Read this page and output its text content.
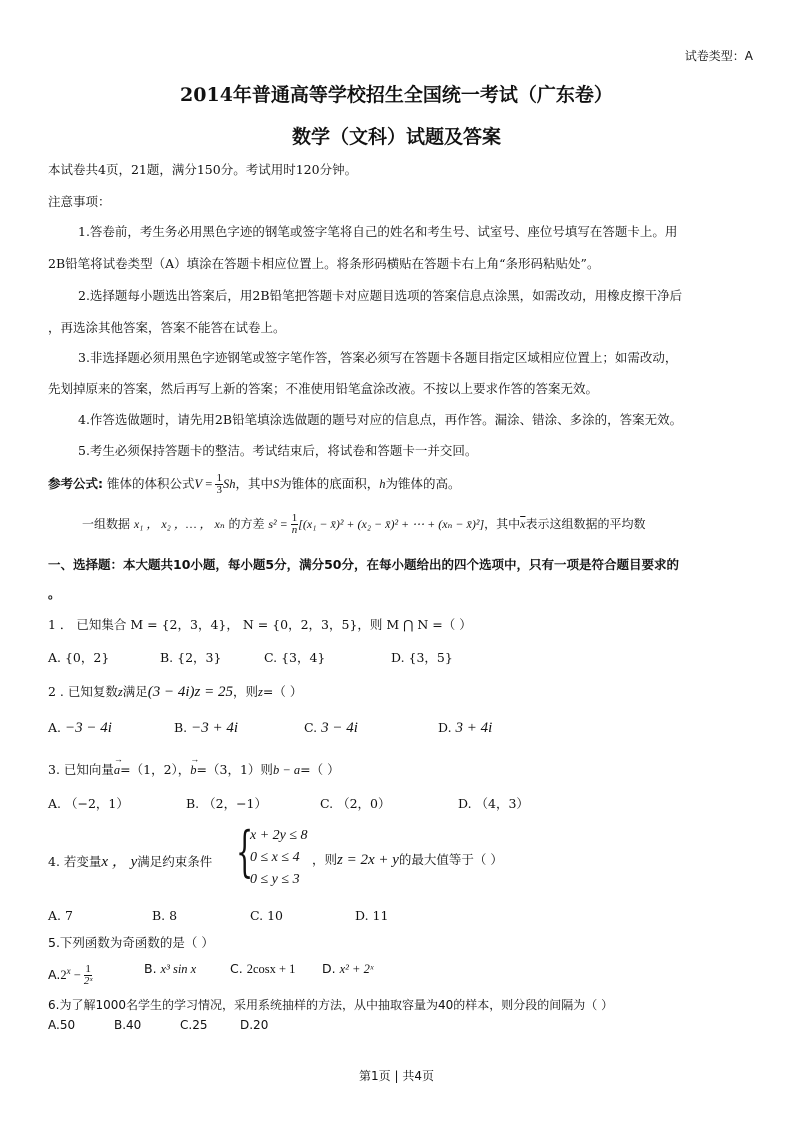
试卷类型：A
2014年普通高等学校招生全国统一考试（广东卷）
数学（文科）试题及答案
本试卷共4页，21题，满分150分。考试用时120分钟。
注意事项：
1.答卷前，考生务必用黑色字迹的钢笔或签字笔将自己的姓名和考生号、试室号、座位号填写在答题卡上。用
2B铅笔将试卷类型（A）填涂在答题卡相应位置上。将条形码横贴在答题卡右上角“条形码粘贴处”。
2.选择题每小题选出答案后，用2B铅笔把答题卡对应题目选项的答案信息点涂黑，如需改动，用橡皮擦干净后
，再选涂其他答案，答案不能答在试卷上。
3.非选择题必须用黑色字迹钢笔或签字笔作答，答案必须写在答题卡各题目指定区域相应位置上；如需改动，
先划掉原来的答案，然后再写上新的答案；不准使用铅笔盒涂改液。不按以上要求作答的答案无效。
4.作答选做题时，请先用2B铅笔填涂选做题的题号对应的信息点，再作答。漏涂、错涂、多涂的，答案无效。
5.考生必须保持答题卡的整洁。考试结束后，将试卷和答题卡一并交回。
参考公式: 锥体的体积公式$V = \frac{1}{3}$ Sh，其中S为锥体的底面积，h为锥体的高。
一组数据 x₁ ， x₂ ，… ， xₙ 的方差 $s^2 = \frac{1}{n} [(x_1$ − x̄)² + (x₂ − x̄)² + ⋯ + (xₙ − x̄)²]，其中$\overline{x}$表示这组数据的平均数
一、选择题：本大题共10小题，每小题5分，满分50分，在每小题给出的四个选项中，只有一项是符合题目要求的
。
1 ． 已知集合 M = {2，3，4}， N = {0，2，3，5}，则 M ⋂ N =（ ）
A. {0，2}	B. {2，3}	C. {3，4}	D. {3，5}
2 . 已知复数z满足(3 − 4i)z = 25，则z=（ ）
A. −3 − 4i	B. −3 + 4i	C. 3 − 4i	D. 3 + 4i
3. 已知向量
→
a=（1，2），
→
b=（3，1）则b − a=（ ）
A. （−2，1）	B. （2，−1）	C. （2，0）	D. （4，3）
4. 若变量x ， y满足约束条件 {
x + 2y ≤ 8
0 ≤ x ≤ 4
0 ≤ y ≤ 3
，则z = 2x + y的最大值等于（ ）
A. 7	B. 8	C. 10	D. 11
5.下列函数为奇函数的是（ ）
$A.2^x - \frac{1}{\text{2ˣ}}$	B. x³ sin x	C. 2cosx + 1 D. x² + 2ˣ
6.为了解1000名学生的学习情况，采用系统抽样的方法，从中抽取容量为40的样本，则分段的间隔为（ ）
A.50	B.40	C.25	D.20
第1页 | 共4页
